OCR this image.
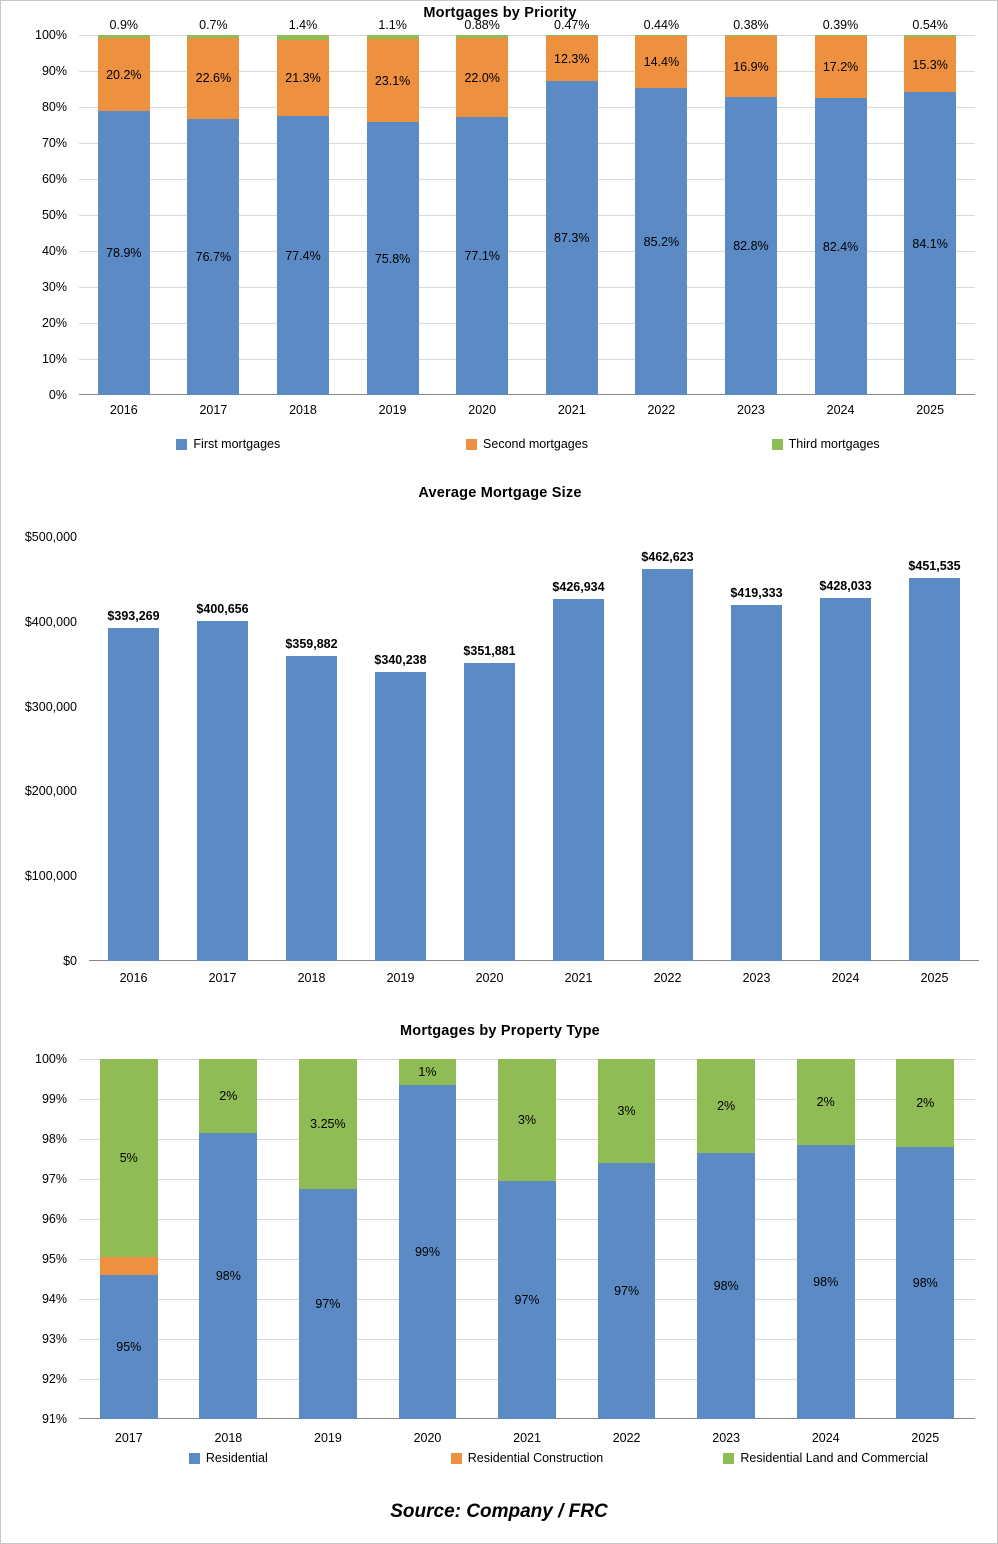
Mortgages by Priority
0%
10%
20%
30%
40%
50%
60%
70%
80%
90%
100%
78.9%
20.2%
0.9%
76.7%
22.6%
0.7%
77.4%
21.3%
1.4%
75.8%
23.1%
1.1%
77.1%
22.0%
0.88%
87.3%
12.3%
0.47%
85.2%
14.4%
0.44%
82.8%
16.9%
0.38%
82.4%
17.2%
0.39%
84.1%
15.3%
0.54%
2016	2017	2018	2019	2020	2021	2022	2023	2024	2025
First mortgages	Second mortgages	Third mortgages
Average Mortgage Size
$0
$100,000
$200,000
$300,000
$400,000
$500,000
$393,269	$400,656
$359,882
$340,238
$351,881
$426,934
$462,623
$419,333
$428,033
$451,535
2016	2017	2018	2019	2020	2021	2022	2023	2024	2025
Mortgages by Property Type
91%
92%
93%
94%
95%
96%
97%
98%
99%
100%
95%
5%
98%
2%
97%
3.25%
99%
1%
97%
3%
97%
3%
98%
2%
98%
2%
98%
2%
2017	2018	2019	2020	2021	2022	2023	2024	2025
Residential	Residential Construction	Residential Land and Commercial
Source: Company / FRC
